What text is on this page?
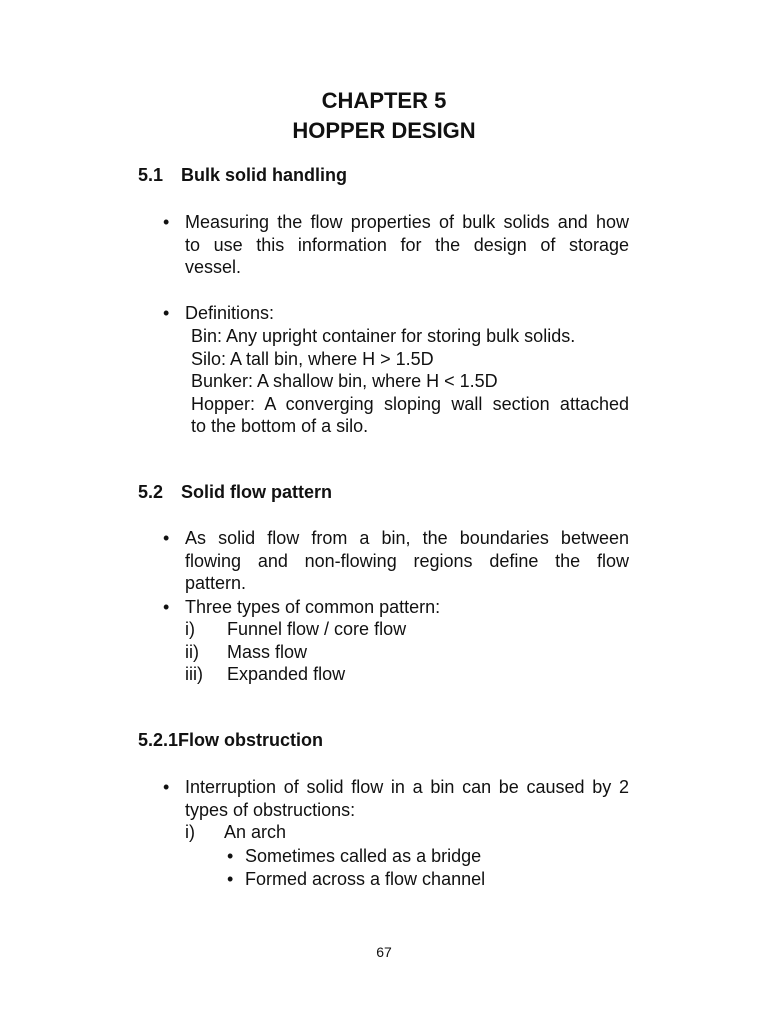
CHAPTER 5
HOPPER DESIGN
5.1 Bulk solid handling
• Measuring the flow properties of bulk solids and how
to use this information for the design of storage
vessel.
• Definitions:
Bin: Any upright container for storing bulk solids.
Silo: A tall bin, where H > 1.5D
Bunker: A shallow bin, where H < 1.5D
Hopper: A converging sloping wall section attached
to the bottom of a silo.
5.2 Solid flow pattern
• As solid flow from a bin, the boundaries between
flowing and non-flowing regions define the flow
pattern.
• Three types of common pattern:
i) Funnel flow / core flow
ii) Mass flow
iii) Expanded flow
5.2.1Flow obstruction
• Interruption of solid flow in a bin can be caused by 2
types of obstructions:
i) An arch
• Sometimes called as a bridge
• Formed across a flow channel
67
